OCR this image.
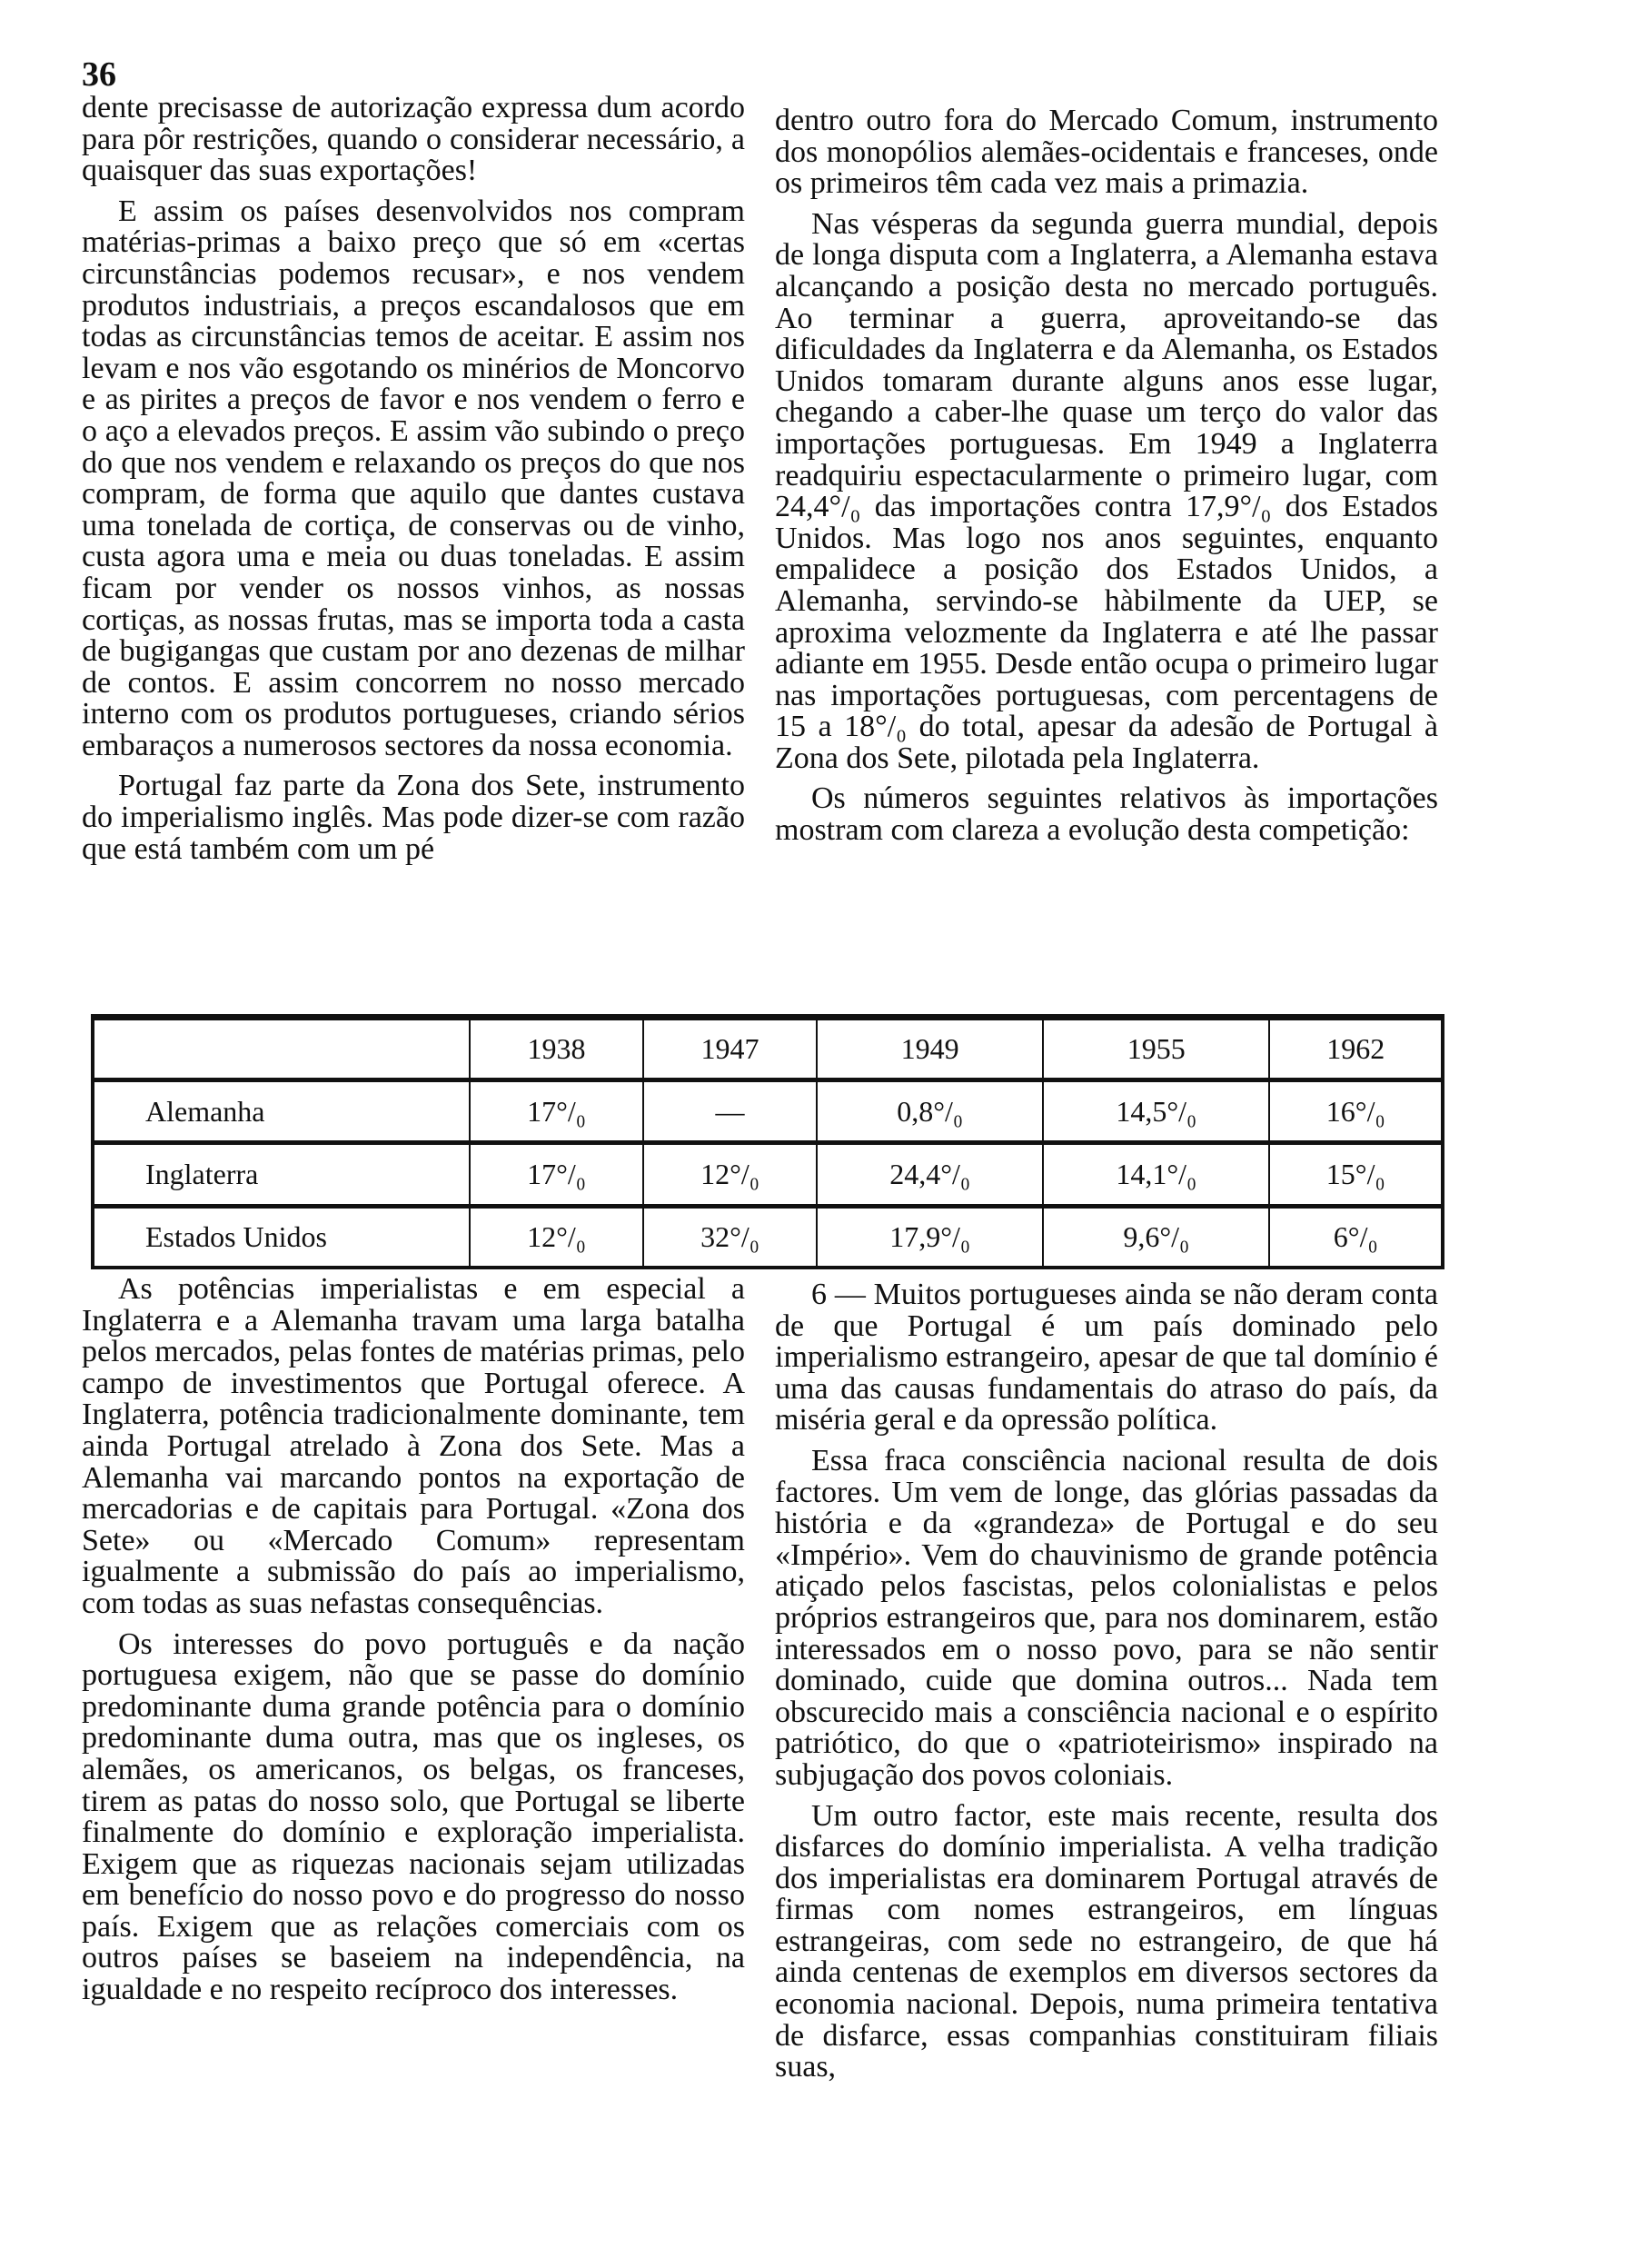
36

dente precisasse de autorização expressa dum acordo para pôr restrições, quando o considerar necessário, a quaisquer das suas exportações!

E assim os países desenvolvidos nos compram matérias-primas a baixo preço que só em «certas circunstâncias podemos recusar», e nos vendem produtos industriais, a preços escandalosos que em todas as circunstâncias temos de aceitar. E assim nos levam e nos vão esgotando os minérios de Moncorvo e as pirites a preços de favor e nos vendem o ferro e o aço a elevados preços. E assim vão subindo o preço do que nos vendem e relaxando os preços do que nos compram, de forma que aquilo que dantes custava uma tonelada de cortiça, de conservas ou de vinho, custa agora uma e meia ou duas toneladas. E assim ficam por vender os nossos vinhos, as nossas cortiças, as nossas frutas, mas se importa toda a casta de bugigangas que custam por ano dezenas de milhar de contos. E assim concorrem no nosso mercado interno com os produtos portugueses, criando sérios embaraços a numerosos sectores da nossa economia.

Portugal faz parte da Zona dos Sete, instrumento do imperialismo inglês. Mas pode dizer-se com razão que está também com um pé

dentro outro fora do Mercado Comum, instrumento dos monopólios alemães-ocidentais e franceses, onde os primeiros têm cada vez mais a primazia.

Nas vésperas da segunda guerra mundial, depois de longa disputa com a Inglaterra, a Alemanha estava alcançando a posição desta no mercado português. Ao terminar a guerra, aproveitando-se das dificuldades da Inglaterra e da Alemanha, os Estados Unidos tomaram durante alguns anos esse lugar, chegando a caber-lhe quase um terço do valor das importações portuguesas. Em 1949 a Inglaterra readquiriu espectacularmente o primeiro lugar, com 24,4°/₀ das importações contra 17,9°/₀ dos Estados Unidos. Mas logo nos anos seguintes, enquanto empalidece a posição dos Estados Unidos, a Alemanha, servindo-se hàbilmente da UEP, se aproxima velozmente da Inglaterra e até lhe passar adiante em 1955. Desde então ocupa o primeiro lugar nas importações portuguesas, com percentagens de 15 a 18°/₀ do total, apesar da adesão de Portugal à Zona dos Sete, pilotada pela Inglaterra.

Os números seguintes relativos às importações mostram com clareza a evolução desta competição:

	1938	1947	1949	1955	1962
Alemanha	17°/₀	—	0,8°/₀	14,5°/₀	16°/₀
Inglaterra	17°/₀	12°/₀	24,4°/₀	14,1°/₀	15°/₀
Estados Unidos	12°/₀	32°/₀	17,9°/₀	9,6°/₀	6°/₀

As potências imperialistas e em especial a Inglaterra e a Alemanha travam uma larga batalha pelos mercados, pelas fontes de matérias primas, pelo campo de investimentos que Portugal oferece. A Inglaterra, potência tradicionalmente dominante, tem ainda Portugal atrelado à Zona dos Sete. Mas a Alemanha vai marcando pontos na exportação de mercadorias e de capitais para Portugal. «Zona dos Sete» ou «Mercado Comum» representam igualmente a submissão do país ao imperialismo, com todas as suas nefastas consequências.

Os interesses do povo português e da nação portuguesa exigem, não que se passe do domínio predominante duma grande potência para o domínio predominante duma outra, mas que os ingleses, os alemães, os americanos, os belgas, os franceses, tirem as patas do nosso solo, que Portugal se liberte finalmente do domínio e exploração imperialista. Exigem que as riquezas nacionais sejam utilizadas em benefício do nosso povo e do progresso do nosso país. Exigem que as relações comerciais com os outros países se baseiem na independência, na igualdade e no respeito recíproco dos interesses.

6 — Muitos portugueses ainda se não deram conta de que Portugal é um país dominado pelo imperialismo estrangeiro, apesar de que tal domínio é uma das causas fundamentais do atraso do país, da miséria geral e da opressão política.

Essa fraca consciência nacional resulta de dois factores. Um vem de longe, das glórias passadas da história e da «grandeza» de Portugal e do seu «Império». Vem do chauvinismo de grande potência atiçado pelos fascistas, pelos colonialistas e pelos próprios estrangeiros que, para nos dominarem, estão interessados em o nosso povo, para se não sentir dominado, cuide que domina outros... Nada tem obscurecido mais a consciência nacional e o espírito patriótico, do que o «patrioteirismo» inspirado na subjugação dos povos coloniais.

Um outro factor, este mais recente, resulta dos disfarces do domínio imperialista. A velha tradição dos imperialistas era dominarem Portugal através de firmas com nomes estrangeiros, em línguas estrangeiras, com sede no estrangeiro, de que há ainda centenas de exemplos em diversos sectores da economia nacional. Depois, numa primeira tentativa de disfarce, essas companhias constituiram filiais suas,
